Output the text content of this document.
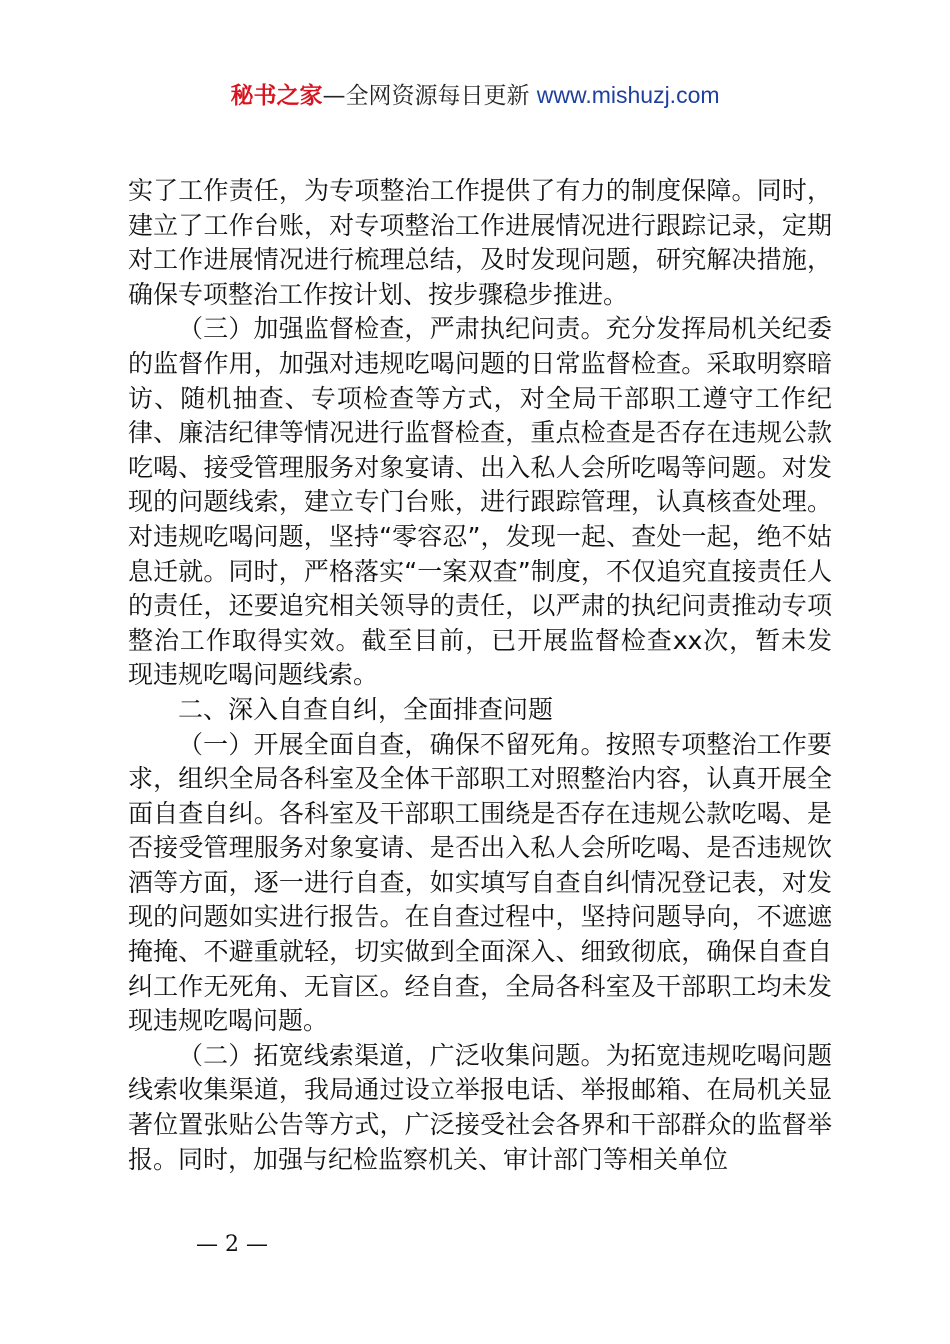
秘书之家—全网资源每日更新 www.mishuzj.com

实了工作责任，为专项整治工作提供了有力的制度保障。同时，建立了工作台账，对专项整治工作进展情况进行跟踪记录，定期对工作进展情况进行梳理总结，及时发现问题，研究解决措施，确保专项整治工作按计划、按步骤稳步推进。

（三）加强监督检查，严肃执纪问责。充分发挥局机关纪委的监督作用，加强对违规吃喝问题的日常监督检查。采取明察暗访、随机抽查、专项检查等方式，对全局干部职工遵守工作纪律、廉洁纪律等情况进行监督检查，重点检查是否存在违规公款吃喝、接受管理服务对象宴请、出入私人会所吃喝等问题。对发现的问题线索，建立专门台账，进行跟踪管理，认真核查处理。对违规吃喝问题，坚持“零容忍”，发现一起、查处一起，绝不姑息迁就。同时，严格落实“一案双查”制度，不仅追究直接责任人的责任，还要追究相关领导的责任，以严肃的执纪问责推动专项整治工作取得实效。截至目前，已开展监督检查xx次，暂未发现违规吃喝问题线索。

二、深入自查自纠，全面排查问题

（一）开展全面自查，确保不留死角。按照专项整治工作要求，组织全局各科室及全体干部职工对照整治内容，认真开展全面自查自纠。各科室及干部职工围绕是否存在违规公款吃喝、是否接受管理服务对象宴请、是否出入私人会所吃喝、是否违规饮酒等方面，逐一进行自查，如实填写自查自纠情况登记表，对发现的问题如实进行报告。在自查过程中，坚持问题导向，不遮遮掩掩、不避重就轻，切实做到全面深入、细致彻底，确保自查自纠工作无死角、无盲区。经自查，全局各科室及干部职工均未发现违规吃喝问题。

（二）拓宽线索渠道，广泛收集问题。为拓宽违规吃喝问题线索收集渠道，我局通过设立举报电话、举报邮箱、在局机关显著位置张贴公告等方式，广泛接受社会各界和干部群众的监督举报。同时，加强与纪检监察机关、审计部门等相关单位

— 2 —
